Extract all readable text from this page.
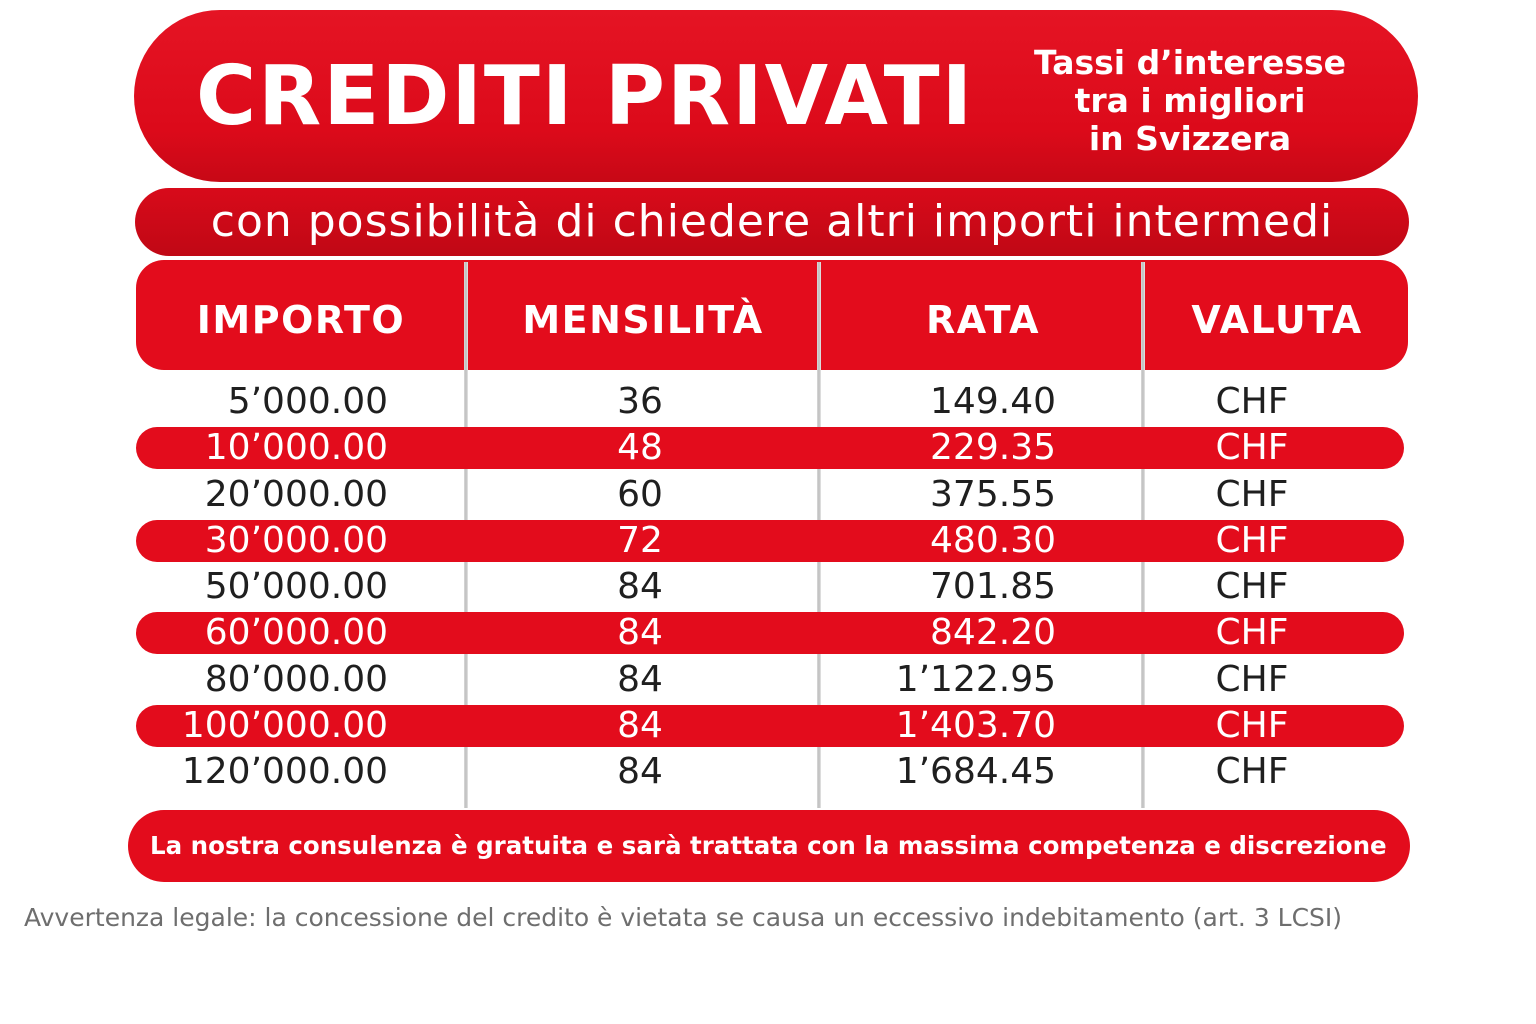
CREDITI PRIVATI	Tassi d’interesse
tra i migliori
in Svizzera
con possibilità di chiedere altri importi intermedi
IMPORTO	MENSILITÀ	RATA	VALUTA
5’000.00	36	149.40	CHF
10’000.00	48	229.35	CHF
20’000.00	60	375.55	CHF
30’000.00	72	480.30	CHF
50’000.00	84	701.85	CHF
60’000.00	84	842.20	CHF
80’000.00	84	1’122.95	CHF
100’000.00	84	1’403.70	CHF
120’000.00	84	1’684.45	CHF
La nostra consulenza è gratuita e sarà trattata con la massima competenza e discrezione
Avvertenza legale: la concessione del credito è vietata se causa un eccessivo indebitamento (art. 3 LCSI)
